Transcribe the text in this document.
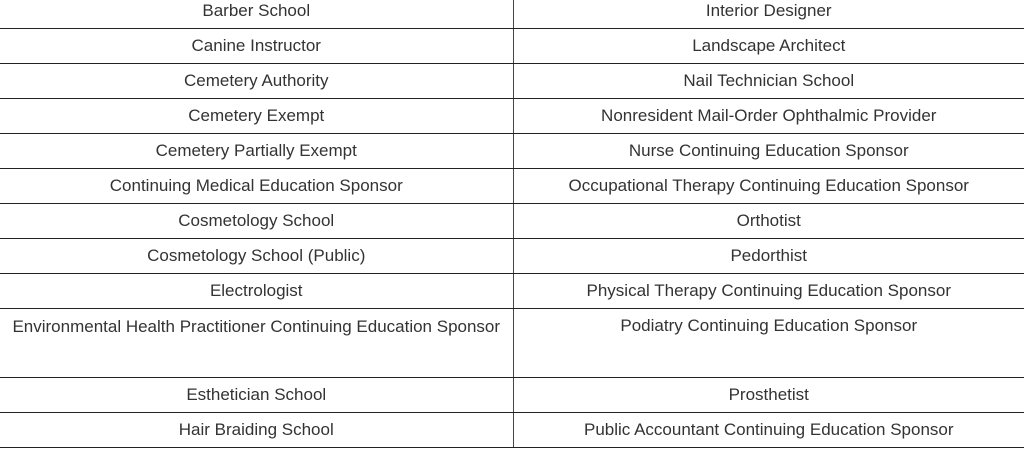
Barber School	Interior Designer
Canine Instructor	Landscape Architect
Cemetery Authority	Nail Technician School
Cemetery Exempt	Nonresident Mail-Order Ophthalmic Provider
Cemetery Partially Exempt	Nurse Continuing Education Sponsor
Continuing Medical Education Sponsor	Occupational Therapy Continuing Education Sponsor
Cosmetology School	Orthotist
Cosmetology School (Public)	Pedorthist
Electrologist	Physical Therapy Continuing Education Sponsor
Environmental Health Practitioner Continuing Education Sponsor	Podiatry Continuing Education Sponsor
Esthetician School	Prosthetist
Hair Braiding School	Public Accountant Continuing Education Sponsor
